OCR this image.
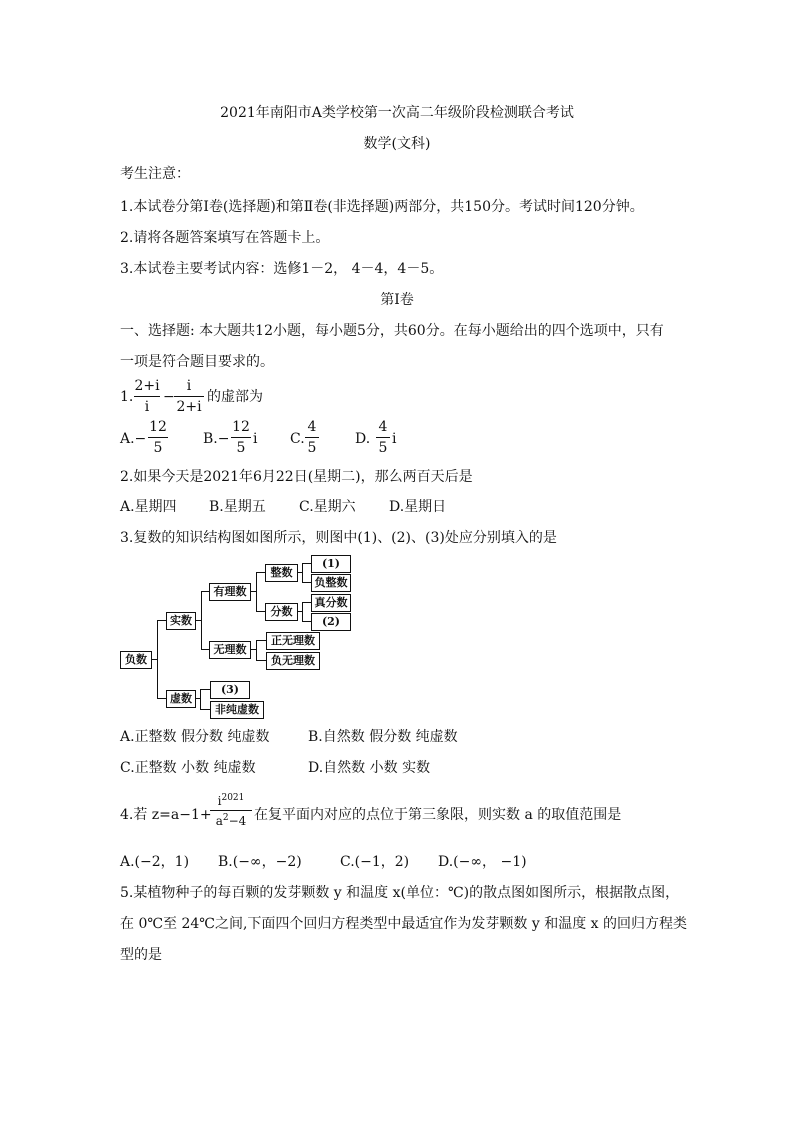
2021年南阳市A类学校第一次高二年级阶段检测联合考试
数学(文科)
考生注意：
1.本试卷分第Ⅰ卷(选择题)和第Ⅱ卷(非选择题)两部分，共150分。考试时间120分钟。
2.请将各题答案填写在答题卡上。
3.本试卷主要考试内容：选修1－2， 4－4，4－5。
第Ⅰ卷
一、选择题: 本大题共12小题，每小题5分，共60分。在每小题给出的四个选项中，只有
一项是符合题目要求的。
1.
2+i
i
−
i
2+i
的虚部为
A.−
12
5
B.−
12
5
i C.
4
5
D.
4
5
i
2.如果今天是2021年6月22日(星期二)，那么两百天后是
A.星期四 B.星期五 C.星期六 D.星期日
3.复数的知识结构图如图所示，则图中(1)、(2)、(3)处应分别填入的是
负数
实数
虚数
有理数
无理数
整数
分数
(1)
负整数
真分数
(2)
正无理数
负无理数
(3)
非纯虚数
A.正整数 假分数 纯虚数	B.自然数 假分数 纯虚数
C.正整数 小数 纯虚数	D.自然数 小数 实数
4.若 z=a−1+
$i^{2021}$
$a^2-4$ 在复平面内对应的点位于第三象限，则实数 a 的取值范围是
A.(−2，1) B.(−∞，−2)	C.(−1，2) D.(−∞， −1)
5.某植物种子的每百颗的发芽颗数 y 和温度 x(单位：℃)的散点图如图所示，根据散点图，
在 0℃至 24℃之间,下面四个回归方程类型中最适宜作为发芽颗数 y 和温度 x 的回归方程类
型的是
